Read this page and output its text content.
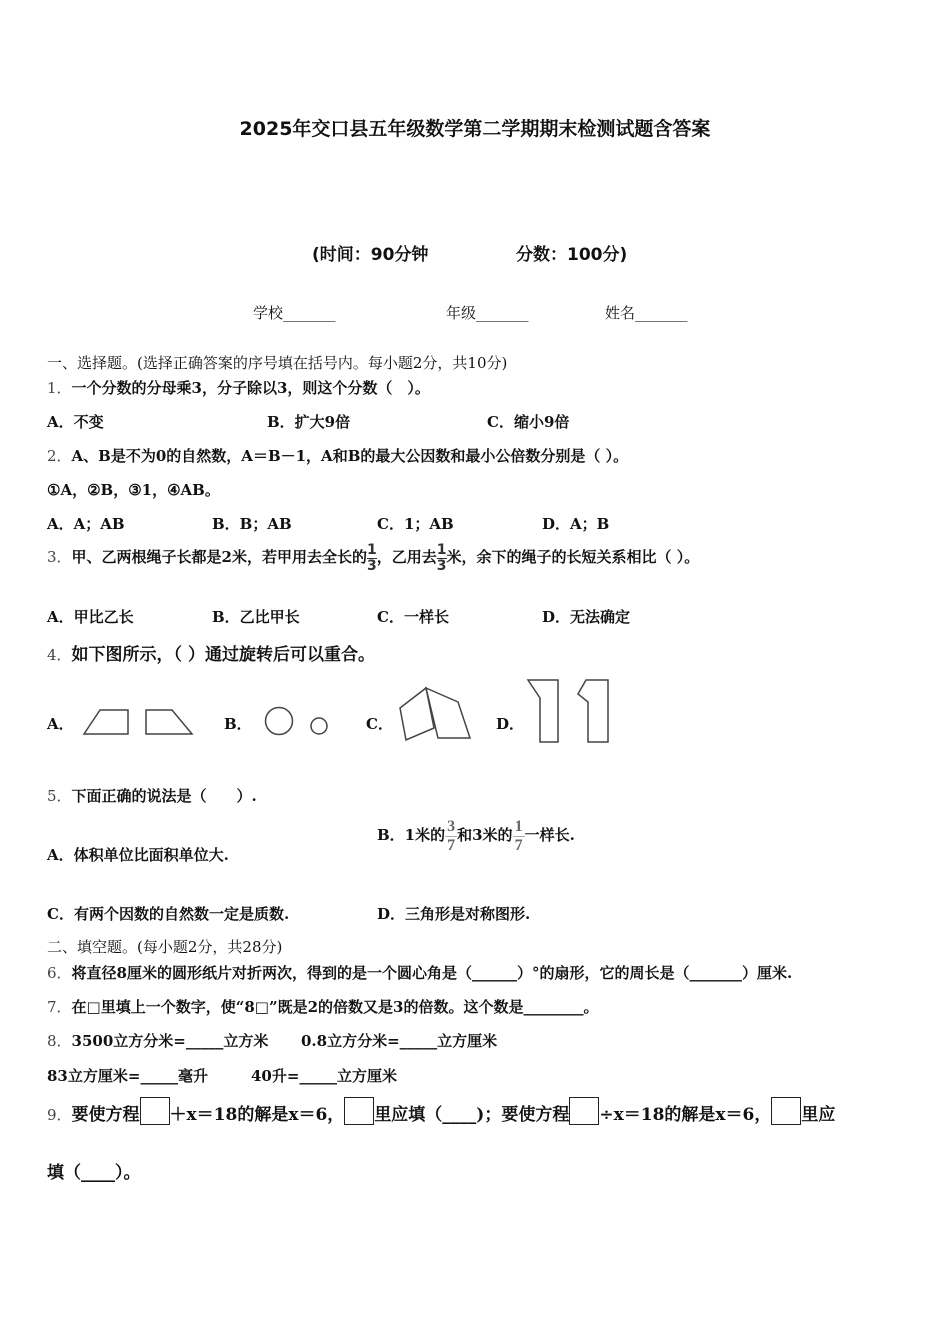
2025年交口县五年级数学第二学期期末检测试题含答案
(时间：90分钟	分数：100分)
学校_______	年级_______	姓名_______
一、选择题。(选择正确答案的序号填在括号内。每小题2分，共10分)
1．一个分数的分母乘3，分子除以3，则这个分数（　）。
A．不变	B．扩大9倍	C．缩小9倍
2．A、B是不为0的自然数，A＝B－1，A和B的最大公因数和最小公倍数分别是（ ）。
①A，②B，③1，④AB。
A．A；AB	B．B；AB	C．1；AB	D．A；B
3．甲、乙两根绳子长都是2米，若甲用去全长的 $\frac{1}{3}$ ，乙用去 $\frac{1}{3}$ 米，余下的绳子的长短关系相比（ ）。
A．甲比乙长	B．乙比甲长	C．一样长	D．无法确定
4．如下图所示，（ ）通过旋转后可以重合。
A．	B．	C．	D．
5．下面正确的说法是（　　）.
A．体积单位比面积单位大.
B．1米的 $\frac{3}{7}$ 和3米的 $\frac{1}{7}$ 一样长.
C．有两个因数的自然数一定是质数.	D．三角形是对称图形.
二、填空题。(每小题2分，共28分)
6．将直径8厘米的圆形纸片对折两次，得到的是一个圆心角是（______）°的扇形，它的周长是（_______）厘米.
7．在□里填上一个数字，使“8□”既是2的倍数又是3的倍数。这个数是________。
8．3500立方分米=_____立方米 0.8立方分米=_____立方厘米
83立方厘米=_____毫升	40升=_____立方厘米
9．要使方程 ＋x＝18的解是x＝6， 里应填（____)；要使方程 ÷x＝18的解是x＝6， 里应
填（____）。
